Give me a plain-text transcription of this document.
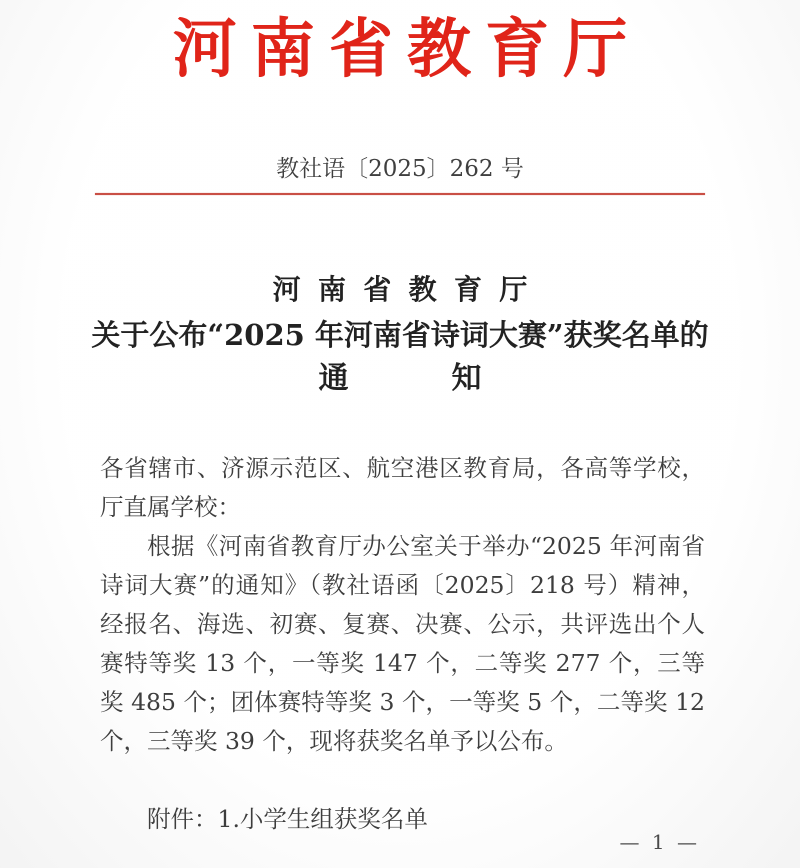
河南省教育厅
教社语〔2025〕262 号
河南省教育厅
关于公布“2025 年河南省诗词大赛”获奖名单的
通	知

各省辖市、济源示范区、航空港区教育局，各高等学校，厅直属学校：

根据《河南省教育厅办公室关于举办“2025 年河南省诗词大赛”的通知》（教社语函〔2025〕218 号）精神，经报名、海选、初赛、复赛、决赛、公示，共评选出个人赛特等奖 13 个，一等奖 147 个，二等奖 277 个，三等奖 485 个；团体赛特等奖 3 个，一等奖 5 个，二等奖 12 个，三等奖 39 个，现将获奖名单予以公布。

附件：1.小学生组获奖名单

— 1 —
